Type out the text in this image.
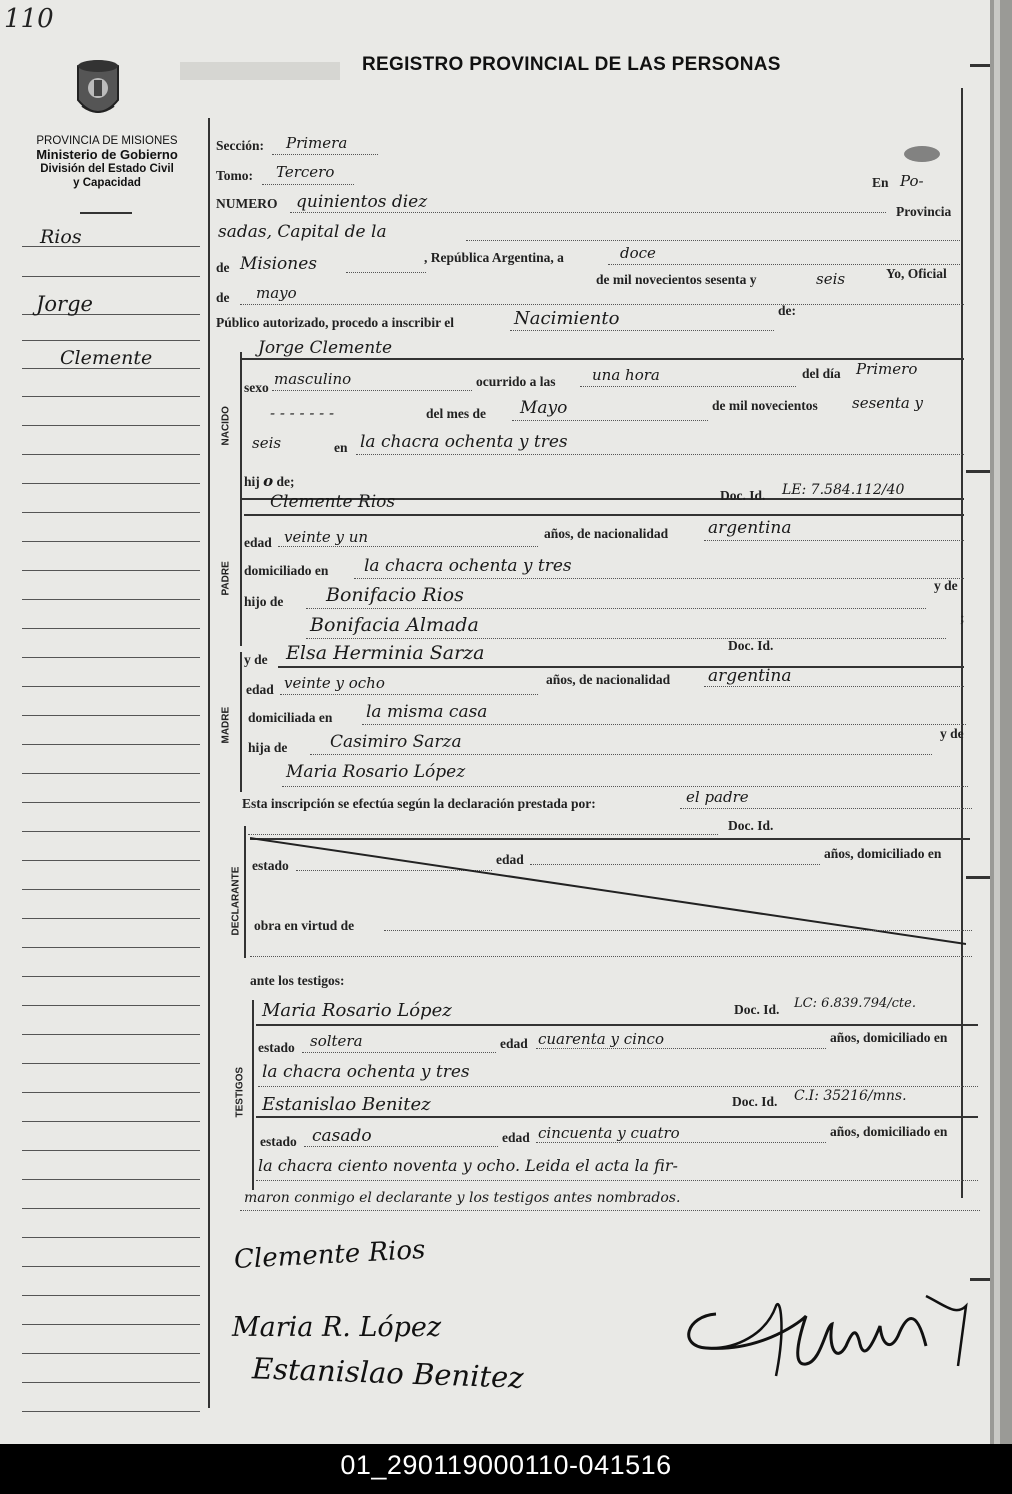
110
PROVINCIA DE MISIONES
Ministerio de Gobierno
División del Estado Civil
y Capacidad
REGISTRO PROVINCIAL DE LAS PERSONAS
Rios
Jorge
Clemente
Sección: Primera
Tomo: Tercero
En Po-
NUMERO quinientos diez	Provincia
sadas, Capital de la
de Misiones	, República Argentina, a	doce
de mil novecientos sesenta y	seis	Yo, Oficial
de mayo
Público autorizado, procedo a inscribir el	Nacimiento	de:
NACIDO
Jorge Clemente
sexo masculino	ocurrido a las una hora	del día Primero
- - - - - - -	del mes de Mayo	de mil novecientos sesenta y
seis	en la chacra ochenta y tres
hij o de;
PADRE
Clemente Rios	Doc. Id. LE: 7.584.112/40
edad veinte y un	años, de nacionalidad argentina
domiciliado en la chacra ochenta y tres
hijo de Bonifacio Rios	y de
Bonifacia Almada	;
MADRE
y de Elsa Herminia Sarza	Doc. Id.
edad veinte y ocho	años, de nacionalidad argentina
domiciliada en la misma casa
hija de	Casimiro Sarza	y de
Maria Rosario López
Esta inscripción se efectúa según la declaración prestada por:	el padre
DECLARANTE
Doc. Id.
estado	edad	años, domiciliado en
obra en virtud de
ante los testigos:
TESTIGOS
Maria Rosario López	Doc. Id. LC: 6.839.794/cte.
estado soltera	edad cuarenta y cinco	años, domiciliado en
la chacra ochenta y tres
Estanislao Benitez	Doc. Id. C.I: 35216/mns.
estado casado	edad cincuenta y cuatro	años, domiciliado en
la chacra ciento noventa y ocho. Leida el acta la fir-
maron conmigo el declarante y los testigos antes nombrados.
Clemente Rios
Maria R. López
Estanislao Benitez
01_290119000110-041516
